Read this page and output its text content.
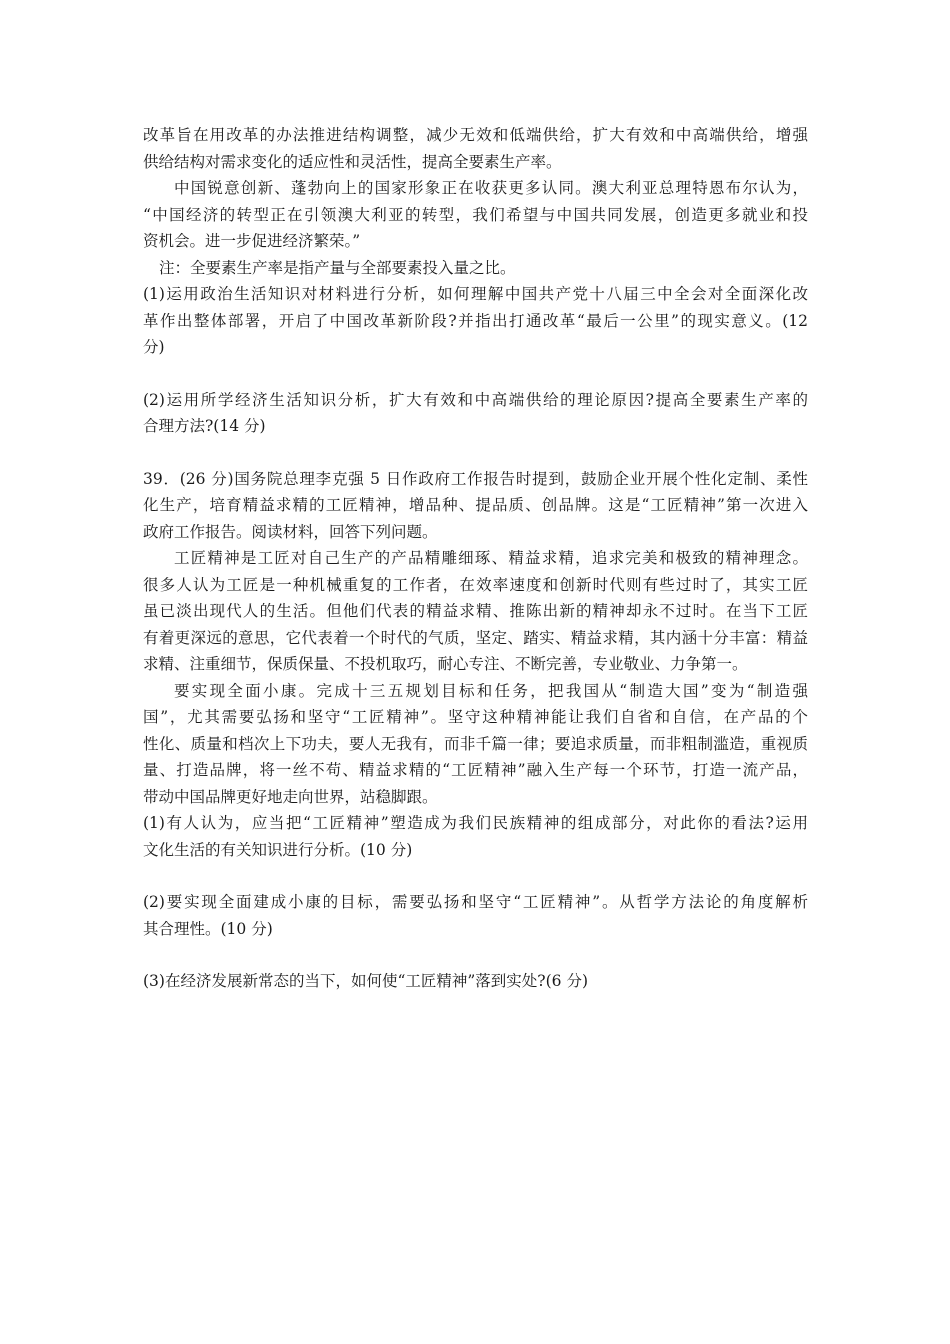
改革旨在用改革的办法推进结构调整，减少无效和低端供给，扩大有效和中高端供给，增强

供给结构对需求变化的适应性和灵活性，提高全要素生产率。

中国锐意创新、蓬勃向上的国家形象正在收获更多认同。澳大利亚总理特恩布尔认为，

“中国经济的转型正在引领澳大利亚的转型，我们希望与中国共同发展，创造更多就业和投

资机会。进一步促进经济繁荣。”

注：全要素生产率是指产量与全部要素投入量之比。

(1)运用政治生活知识对材料进行分析，如何理解中国共产党十八届三中全会对全面深化改

革作出整体部署，开启了中国改革新阶段?并指出打通改革“最后一公里”的现实意义。(12

分)

(2)运用所学经济生活知识分析，扩大有效和中高端供给的理论原因?提高全要素生产率的

合理方法?(14 分)

39．(26 分)国务院总理李克强 5 日作政府工作报告时提到，鼓励企业开展个性化定制、柔性

化生产，培育精益求精的工匠精神，增品种、提品质、创品牌。这是“工匠精神”第一次进入

政府工作报告。阅读材料，回答下列问题。

工匠精神是工匠对自己生产的产品精雕细琢、精益求精，追求完美和极致的精神理念。

很多人认为工匠是一种机械重复的工作者，在效率速度和创新时代则有些过时了，其实工匠

虽已淡出现代人的生活。但他们代表的精益求精、推陈出新的精神却永不过时。在当下工匠

有着更深远的意思，它代表着一个时代的气质，坚定、踏实、精益求精，其内涵十分丰富：精益

求精、注重细节，保质保量、不投机取巧，耐心专注、不断完善，专业敬业、力争第一。

要实现全面小康。完成十三五规划目标和任务，把我国从“制造大国”变为“制造强

国”，尤其需要弘扬和坚守“工匠精神”。坚守这种精神能让我们自省和自信，在产品的个

性化、质量和档次上下功夫，要人无我有，而非千篇一律；要追求质量，而非粗制滥造，重视质

量、打造品牌，将一丝不苟、精益求精的“工匠精神”融入生产每一个环节，打造一流产品，

带动中国品牌更好地走向世界，站稳脚跟。

(1)有人认为，应当把“工匠精神”塑造成为我们民族精神的组成部分，对此你的看法?运用

文化生活的有关知识进行分析。(10 分)

(2)要实现全面建成小康的目标，需要弘扬和坚守“工匠精神”。从哲学方法论的角度解析

其合理性。(10 分)

(3)在经济发展新常态的当下，如何使“工匠精神”落到实处?(6 分)
